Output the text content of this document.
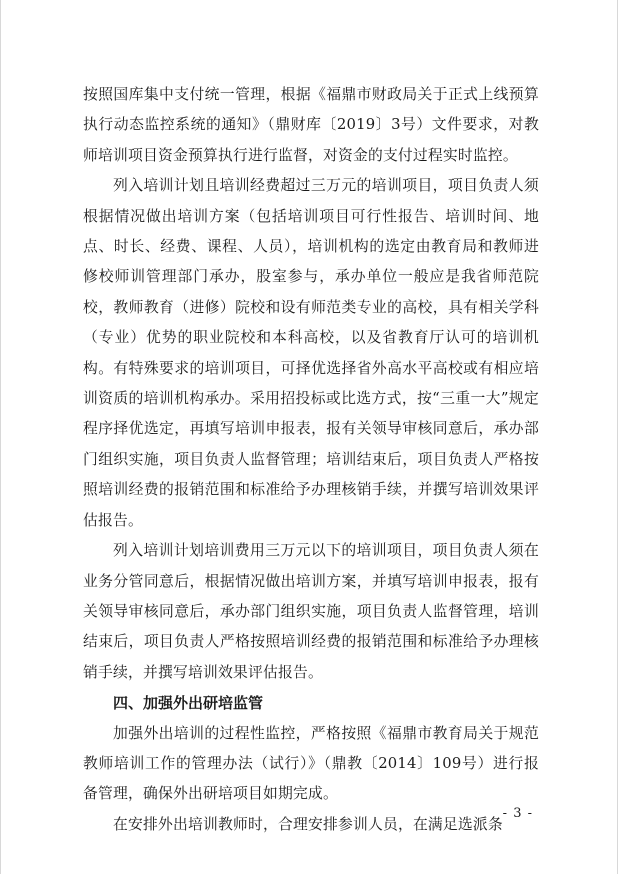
按照国库集中支付统一管理，根据《福鼎市财政局关于正式上线预算执行动态监控系统的通知》（鼎财库〔2019〕3号）文件要求，对教师培训项目资金预算执行进行监督，对资金的支付过程实时监控。

列入培训计划且培训经费超过三万元的培训项目，项目负责人须根据情况做出培训方案（包括培训项目可行性报告、培训时间、地点、时长、经费、课程、人员），培训机构的选定由教育局和教师进修校师训管理部门承办，股室参与，承办单位一般应是我省师范院校，教师教育（进修）院校和设有师范类专业的高校，具有相关学科（专业）优势的职业院校和本科高校，以及省教育厅认可的培训机构。有特殊要求的培训项目，可择优选择省外高水平高校或有相应培训资质的培训机构承办。采用招投标或比选方式，按“三重一大”规定程序择优选定，再填写培训申报表，报有关领导审核同意后，承办部门组织实施，项目负责人监督管理；培训结束后，项目负责人严格按照培训经费的报销范围和标准给予办理核销手续，并撰写培训效果评估报告。

列入培训计划培训费用三万元以下的培训项目，项目负责人须在业务分管同意后，根据情况做出培训方案，并填写培训申报表，报有关领导审核同意后，承办部门组织实施，项目负责人监督管理，培训结束后，项目负责人严格按照培训经费的报销范围和标准给予办理核销手续，并撰写培训效果评估报告。

四、加强外出研培监管

加强外出培训的过程性监控，严格按照《福鼎市教育局关于规范教师培训工作的管理办法（试行）》（鼎教〔2014〕109号）进行报备管理，确保外出研培项目如期完成。

在安排外出培训教师时，合理安排参训人员，在满足选派条

- 3 -
